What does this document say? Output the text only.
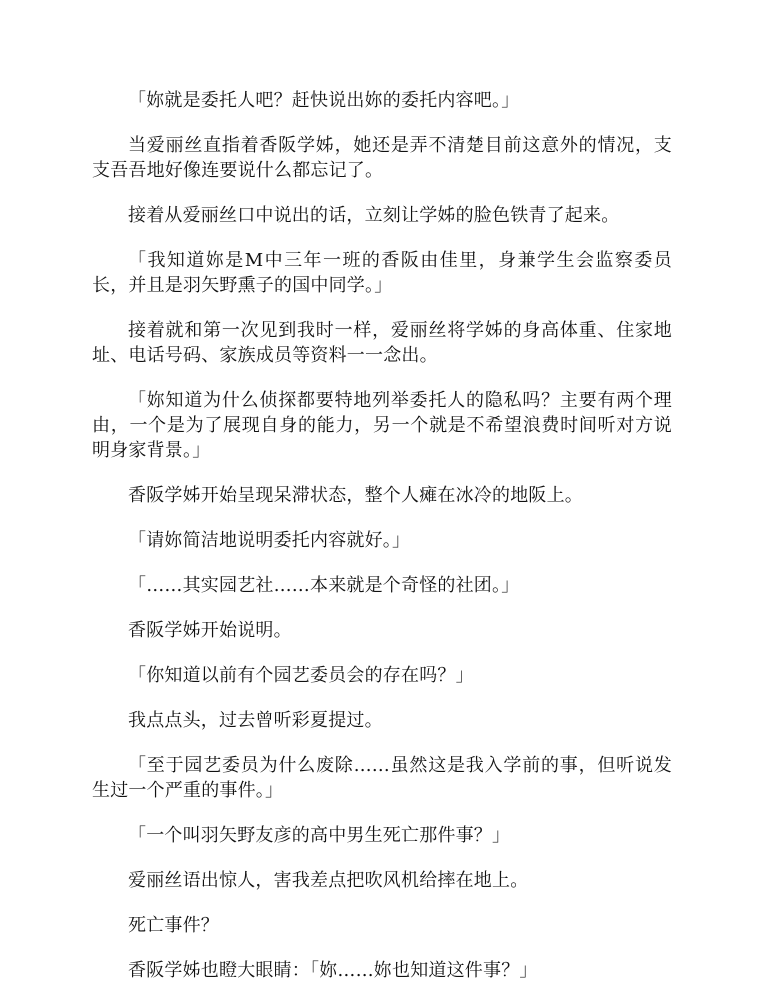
「妳就是委托人吧？赶快说出妳的委托内容吧。」

当爱丽丝直指着香阪学姊，她还是弄不清楚目前这意外的情况，支支吾吾地好像连要说什么都忘记了。

接着从爱丽丝口中说出的话，立刻让学姊的脸色铁青了起来。

「我知道妳是M中三年一班的香阪由佳里，身兼学生会监察委员长，并且是羽矢野熏子的国中同学。」

接着就和第一次见到我时一样，爱丽丝将学姊的身高体重、住家地址、电话号码、家族成员等资料一一念出。

「妳知道为什么侦探都要特地列举委托人的隐私吗？主要有两个理由，一个是为了展现自身的能力，另一个就是不希望浪费时间听对方说明身家背景。」

香阪学姊开始呈现呆滞状态，整个人瘫在冰冷的地阪上。

「请妳简洁地说明委托内容就好。」

「……其实园艺社……本来就是个奇怪的社团。」

香阪学姊开始说明。

「你知道以前有个园艺委员会的存在吗？」

我点点头，过去曾听彩夏提过。

「至于园艺委员为什么废除……虽然这是我入学前的事，但听说发生过一个严重的事件。」

「一个叫羽矢野友彦的高中男生死亡那件事？」

爱丽丝语出惊人，害我差点把吹风机给摔在地上。

死亡事件？

香阪学姊也瞪大眼睛：「妳……妳也知道这件事？」
